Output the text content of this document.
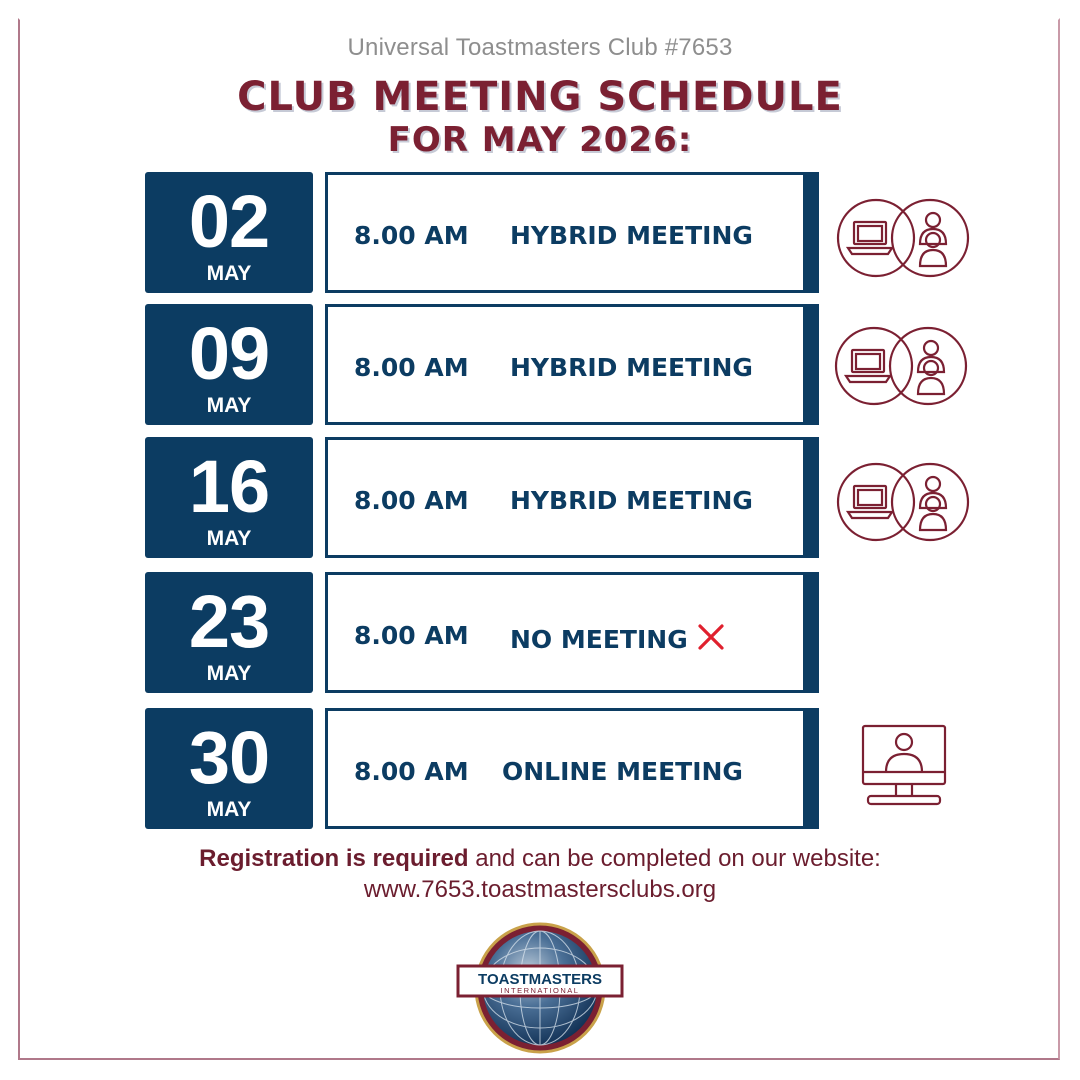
Universal Toastmasters Club #7653
CLUB MEETING SCHEDULE
FOR MAY 2026:
02
MAY
8.00 AM HYBRID MEETING
09
MAY
8.00 AM HYBRID MEETING
16
MAY
8.00 AM HYBRID MEETING
23
MAY
8.00 AM NO MEETING
30
MAY
8.00 AM ONLINE MEETING
Registration is required and can be completed on our website:
www.7653.toastmastersclubs.org
TOASTMASTERS
INTERNATIONAL
